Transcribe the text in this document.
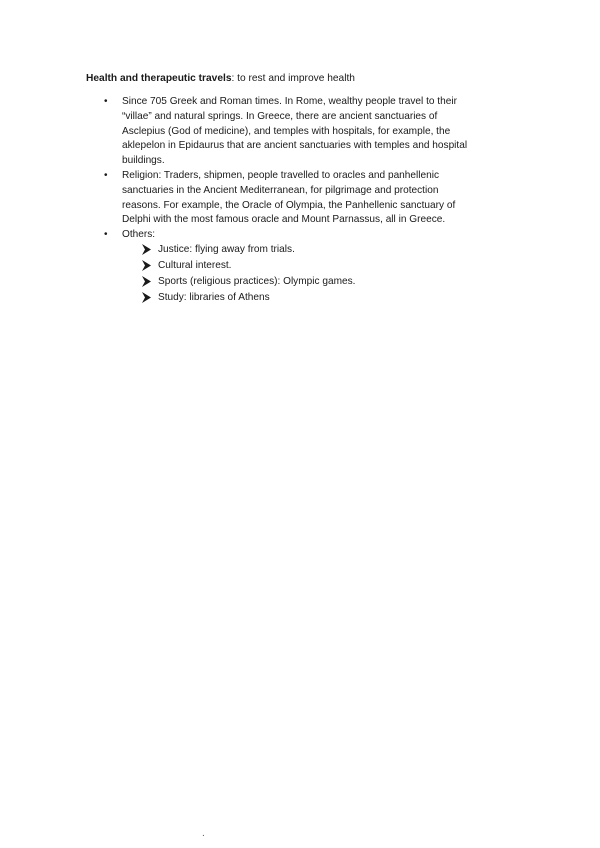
Health and therapeutic travels: to rest and improve health
•	Since 705 Greek and Roman times. In Rome, wealthy people travel to their
“villae” and natural springs. In Greece, there are ancient sanctuaries of
Asclepius (God of medicine), and temples with hospitals, for example, the
aklepelon in Epidaurus that are ancient sanctuaries with temples and hospital
buildings.
•	Religion: Traders, shipmen, people travelled to oracles and panhellenic
sanctuaries in the Ancient Mediterranean, for pilgrimage and protection
reasons. For example, the Oracle of Olympia, the Panhellenic sanctuary of
Delphi with the most famous oracle and Mount Parnassus, all in Greece.
•	Others:
Justice: flying away from trials.
Cultural interest.
Sports (religious practices): Olympic games.
Study: libraries of Athens
.
